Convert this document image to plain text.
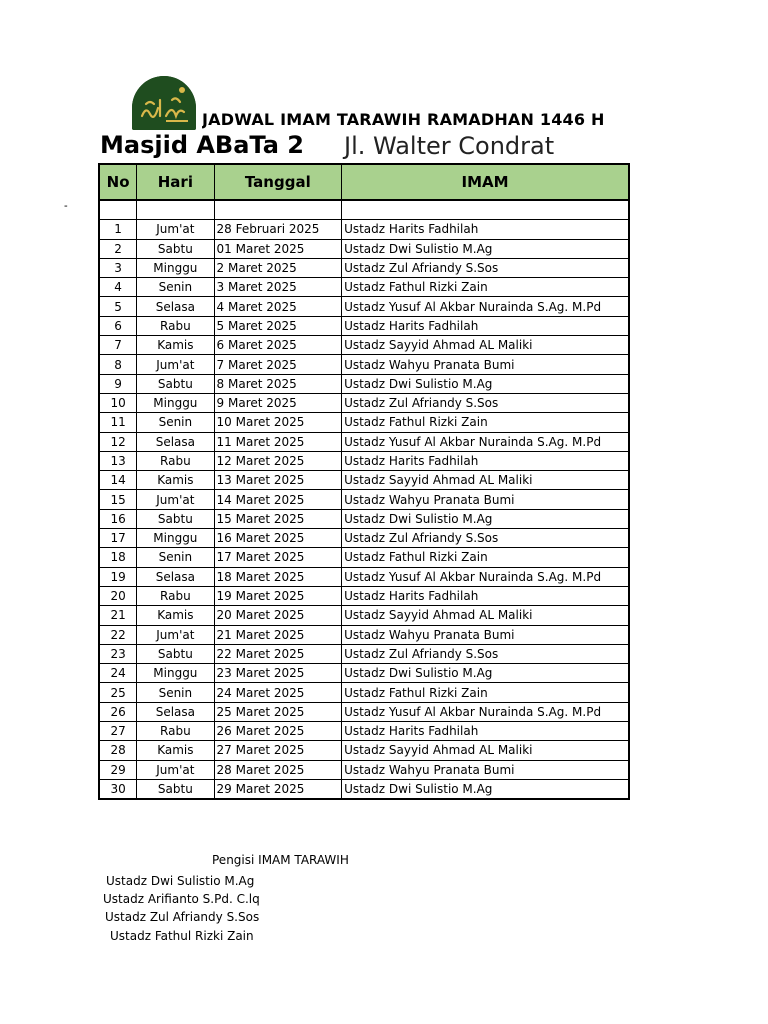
JADWAL IMAM TARAWIH RAMADHAN 1446 H
Masjid ABaTa 2 Jl. Walter Condrat
-
No	Hari	Tanggal	IMAM

1	Jum'at	28 Februari 2025	Ustadz Harits Fadhilah
2	Sabtu	01 Maret 2025	Ustadz Dwi Sulistio M.Ag
3	Minggu	2 Maret 2025	Ustadz Zul Afriandy S.Sos
4	Senin	3 Maret 2025	Ustadz Fathul Rizki Zain
5	Selasa	4 Maret 2025	Ustadz Yusuf Al Akbar Nurainda S.Ag. M.Pd
6	Rabu	5 Maret 2025	Ustadz Harits Fadhilah
7	Kamis	6 Maret 2025	Ustadz Sayyid Ahmad AL Maliki
8	Jum'at	7 Maret 2025	Ustadz Wahyu Pranata Bumi
9	Sabtu	8 Maret 2025	Ustadz Dwi Sulistio M.Ag
10	Minggu	9 Maret 2025	Ustadz Zul Afriandy S.Sos
11	Senin	10 Maret 2025	Ustadz Fathul Rizki Zain
12	Selasa	11 Maret 2025	Ustadz Yusuf Al Akbar Nurainda S.Ag. M.Pd
13	Rabu	12 Maret 2025	Ustadz Harits Fadhilah
14	Kamis	13 Maret 2025	Ustadz Sayyid Ahmad AL Maliki
15	Jum'at	14 Maret 2025	Ustadz Wahyu Pranata Bumi
16	Sabtu	15 Maret 2025	Ustadz Dwi Sulistio M.Ag
17	Minggu	16 Maret 2025	Ustadz Zul Afriandy S.Sos
18	Senin	17 Maret 2025	Ustadz Fathul Rizki Zain
19	Selasa	18 Maret 2025	Ustadz Yusuf Al Akbar Nurainda S.Ag. M.Pd
20	Rabu	19 Maret 2025	Ustadz Harits Fadhilah
21	Kamis	20 Maret 2025	Ustadz Sayyid Ahmad AL Maliki
22	Jum'at	21 Maret 2025	Ustadz Wahyu Pranata Bumi
23	Sabtu	22 Maret 2025	Ustadz Zul Afriandy S.Sos
24	Minggu	23 Maret 2025	Ustadz Dwi Sulistio M.Ag
25	Senin	24 Maret 2025	Ustadz Fathul Rizki Zain
26	Selasa	25 Maret 2025	Ustadz Yusuf Al Akbar Nurainda S.Ag. M.Pd
27	Rabu	26 Maret 2025	Ustadz Harits Fadhilah
28	Kamis	27 Maret 2025	Ustadz Sayyid Ahmad AL Maliki
29	Jum'at	28 Maret 2025	Ustadz Wahyu Pranata Bumi
30	Sabtu	29 Maret 2025	Ustadz Dwi Sulistio M.Ag
Pengisi IMAM TARAWIH
Ustadz Dwi Sulistio M.Ag
Ustadz Arifianto S.Pd. C.lq
Ustadz Zul Afriandy S.Sos
Ustadz Fathul Rizki Zain
